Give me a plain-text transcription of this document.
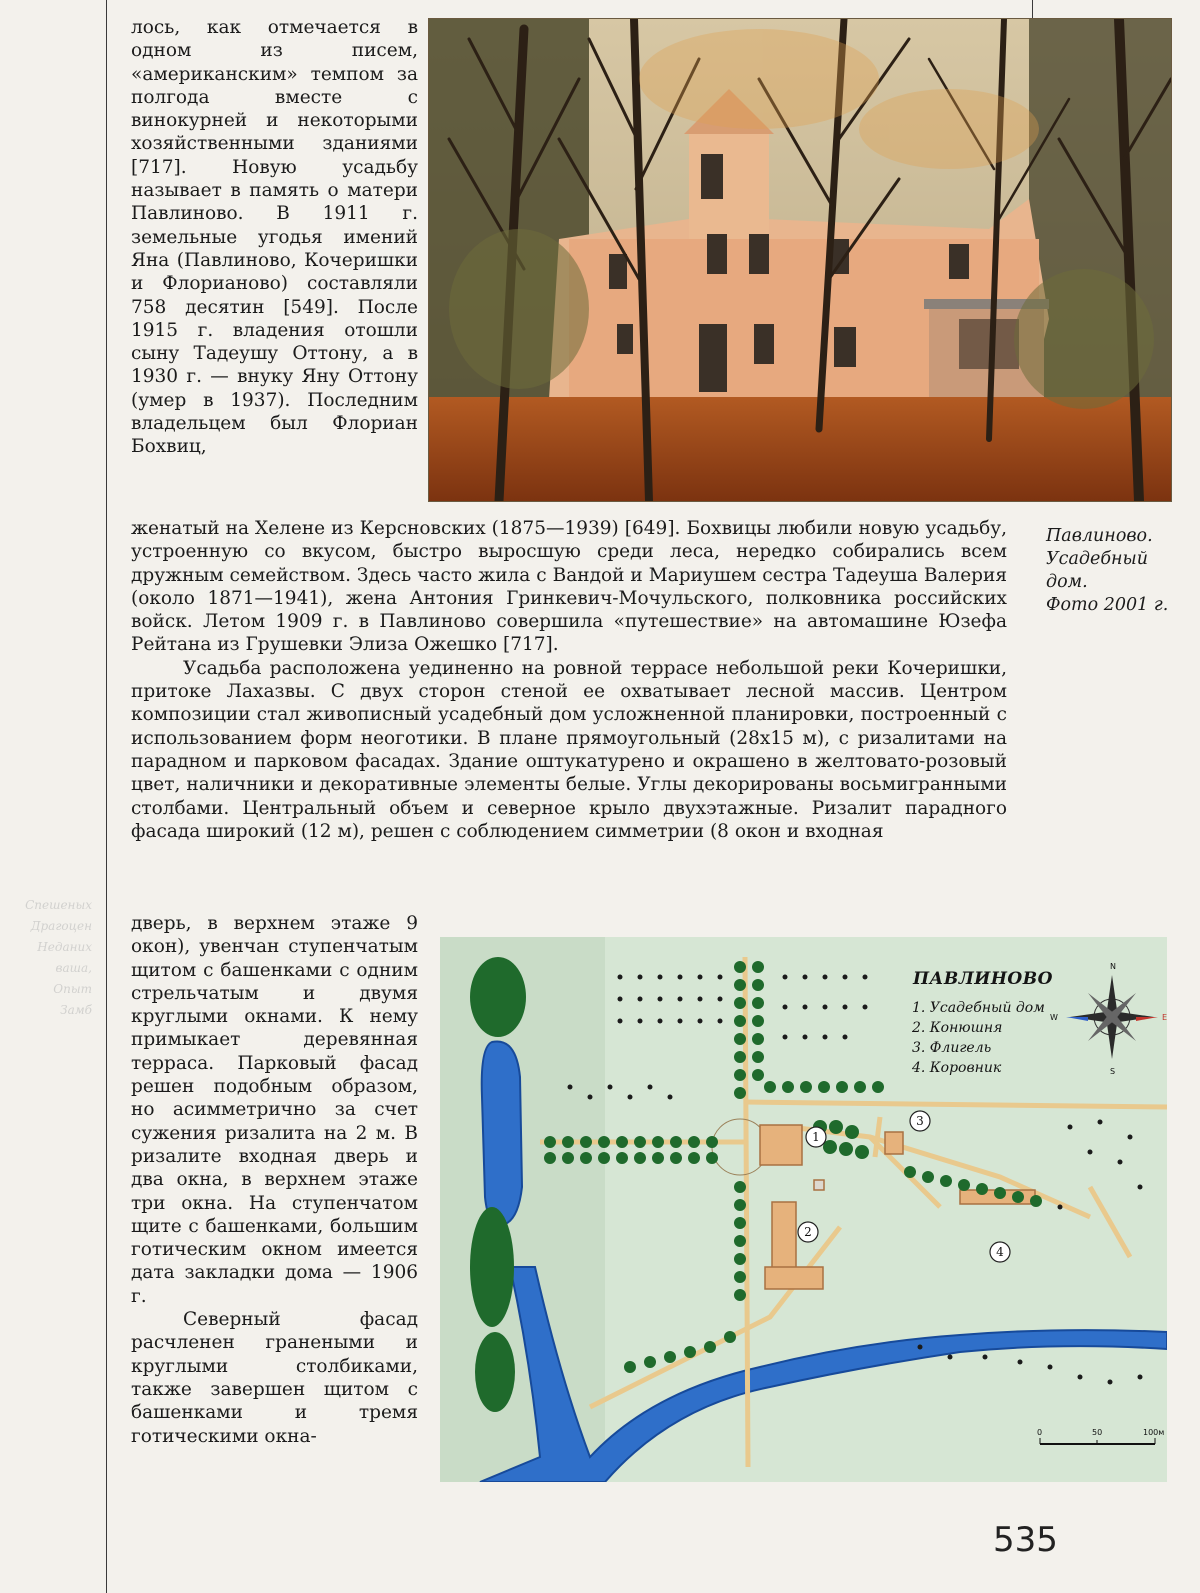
Спешеных
Драгоцен
Неданих
ваша,
Опыт
Замб

лось, как отмечается в одном из писем, «американским» темпом за полгода вместе с винокурней и некоторыми хозяйственными зданиями [717]. Новую усадьбу называет в память о матери Павлиново. В 1911 г. земельные угодья имений Яна (Павлиново, Кочеришки и Флорианово) составляли 758 десятин [549]. После 1915 г. владения отошли сыну Тадеушу Оттону, а в 1930 г. — внуку Яну Оттону (умер в 1937). Последним владельцем был Флориан Бохвиц,

Павлиново.
Усадебный
дом.
Фото 2001 г.

женатый на Хелене из Керсновских (1875—1939) [649]. Бохвицы любили новую усадьбу, устроенную со вкусом, быстро выросшую среди леса, нередко собирались всем дружным семейством. Здесь часто жила с Вандой и Мариушем сестра Тадеуша Валерия (около 1871—1941), жена Антония Гринкевич-Мочульского, полковника российских войск. Летом 1909 г. в Павлиново совершила «путешествие» на автомашине Юзефа Рейтана из Грушевки Элиза Ожешко [717].

Усадьба расположена уединенно на ровной террасе небольшой реки Кочеришки, притоке Лахазвы. С двух сторон стеной ее охватывает лесной массив. Центром композиции стал живописный усадебный дом усложненной планировки, построенный с использованием форм неоготики. В плане прямоугольный (28х15 м), с ризалитами на парадном и парковом фасадах. Здание оштукатурено и окрашено в желтовато-розовый цвет, наличники и декоративные элементы белые. Углы декорированы восьмигранными столбами. Центральный объем и северное крыло двухэтажные. Ризалит парадного фасада широкий (12 м), решен с соблюдением симметрии (8 окон и входная

дверь, в верхнем этаже 9 окон), увенчан ступенчатым щитом с башенками с одним стрельчатым и двумя круглыми окнами. К нему примыкает деревянная терраса. Парковый фасад решен подобным образом, но асимметрично за счет сужения ризалита на 2 м. В ризалите входная дверь и два окна, в верхнем этаже три окна. На ступенчатом щите с башенками, большим готическим окном имеется дата закладки дома — 1906 г.

Северный фасад расчленен гранеными и круглыми столбиками, также завершен щитом с башенками и тремя готическими окна-

1
2
3
4
N
S
W	E
0	50	100м
ПАВЛИНОВО
1. Усадебный дом
2. Конюшня
3. Флигель
4. Коровник
535
